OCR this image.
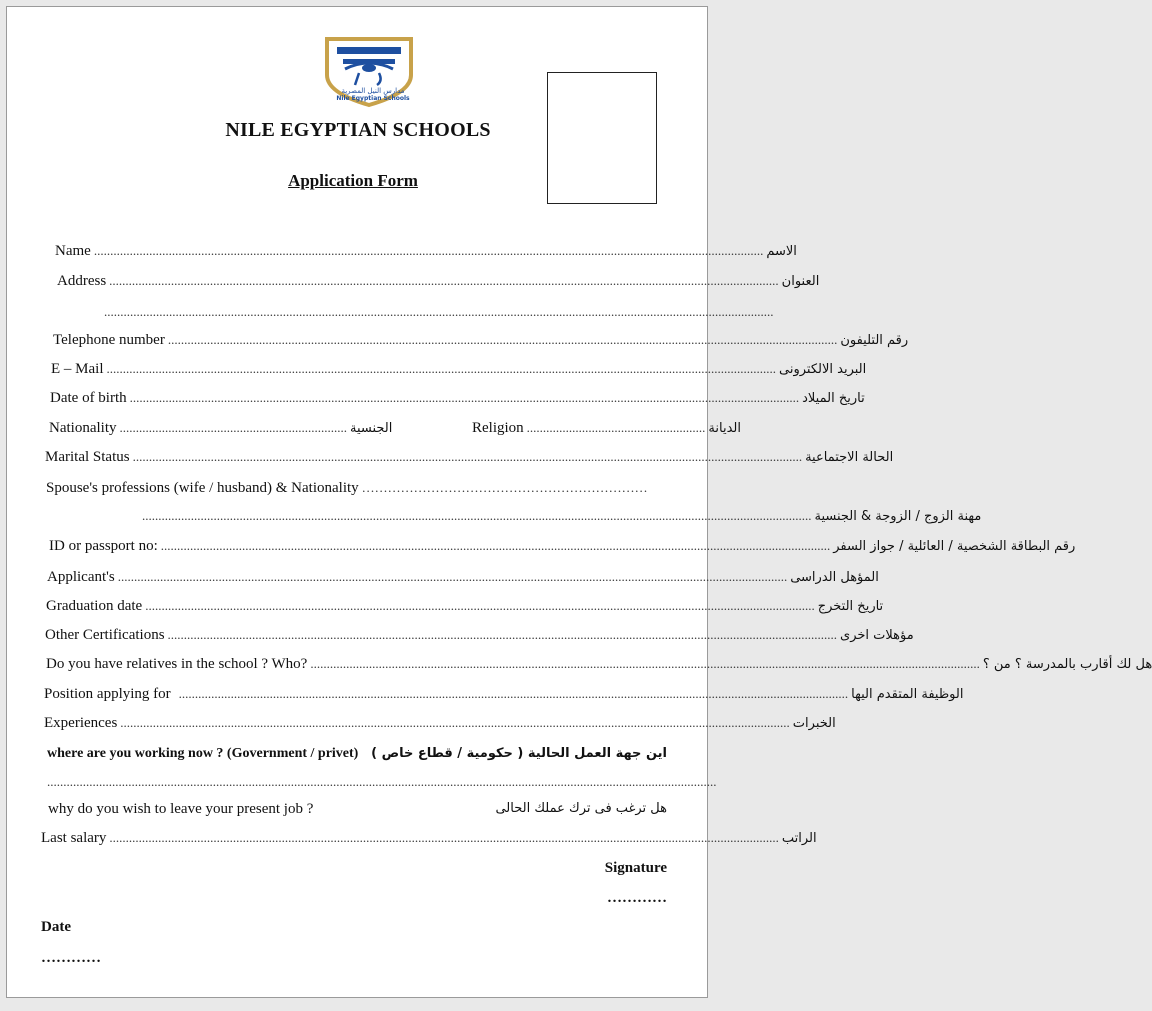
مدارس النيل المصرية
Nile Egyptian Schools
NILE EGYPTIAN SCHOOLS
Application Form
Name .............................................................................................................................................................................................................. الاسم
Address .............................................................................................................................................................................................................. العنوان
..............................................................................................................................................................................................................
Telephone number .............................................................................................................................................................................................................. رقم التليفون
E – Mail .............................................................................................................................................................................................................. البريد الالكترونى
Date of birth .............................................................................................................................................................................................................. تاريخ الميلاد
Nationality ...................................................................... الجنسية	Religion ....................................................... الديانة
Marital Status .............................................................................................................................................................................................................. الحالة الاجتماعية
Spouse's professions (wife / husband) & Nationality …………………………………………………………
.............................................................................................................................................................................................................. مهنة الزوج / الزوجة & الجنسية
ID or passport no: .............................................................................................................................................................................................................. رقم البطاقة الشخصية / العائلية / جواز السفر
Applicant's .............................................................................................................................................................................................................. المؤهل الدراسى
Graduation date .............................................................................................................................................................................................................. تاريخ التخرج
Other Certifications .............................................................................................................................................................................................................. مؤهلات اخرى
Do you have relatives in the school ? Who? .............................................................................................................................................................................................................. هل لك أقارب بالمدرسة ؟ من ؟
Position applying for .............................................................................................................................................................................................................. الوظيفة المتقدم اليها
Experiences .............................................................................................................................................................................................................. الخبرات
where are you working now ? (Government / privet) اين جهة العمل الحالية ( حكومية / قطاع خاص )
..............................................................................................................................................................................................................
why do you wish to leave your present job ?	هل ترغب فى ترك عملك الحالى
Last salary .............................................................................................................................................................................................................. الراتب
Signature
…………
Date
…………
